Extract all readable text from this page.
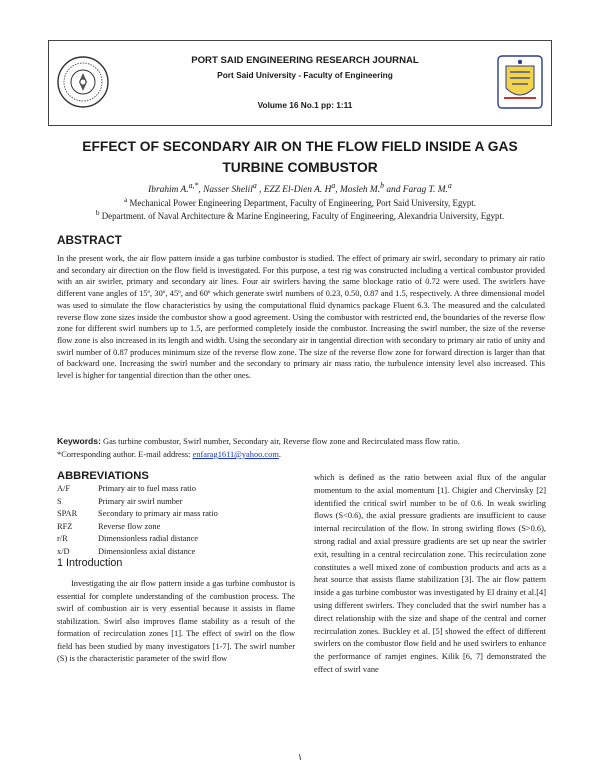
PORT SAID ENGINEERING RESEARCH JOURNAL
Port Said University - Faculty of Engineering
Volume 16 No.1 pp: 1:11
EFFECT OF SECONDARY AIR ON THE FLOW FIELD INSIDE A GAS
TURBINE COMBUSTOR
Ibrahim A.$^{a,*}$, Nasser Shelil$^a$ , EZZ El-Dien A. $H^a$, Mosleh M.$^b$ and Farag T. M.$^a$
$^a$ Mechanical Power Engineering Department, Faculty of Engineering, Port Said University, Egypt.
$^b$ Department. of Naval Architecture & Marine Engineering, Faculty of Engineering, Alexandria University, Egypt.
ABSTRACT

In the present work, the air flow pattern inside a gas turbine combustor is studied. The effect of primary air swirl, secondary to primary air ratio and secondary air direction on the flow field is investigated. For this purpose, a test rig was constructed including a vertical combustor provided with an air swirler, primary and secondary air lines. Four air swirlers having the same blockage ratio of 0.72 were used. The swirlers have different vane angles of 15º, 30º, 45º, and 60º which generate swirl numbers of 0.23, 0.50, 0.87 and 1.5, respectively. A three dimensional model was used to simulate the flow characteristics by using the computational fluid dynamics package Fluent 6.3. The measured and the calculated reverse flow zone sizes inside the combustor show a good agreement. Using the combustor with restricted end, the boundaries of the reverse flow zone for different swirl numbers up to 1.5, are performed completely inside the combustor. Increasing the swirl number, the size of the reverse flow zone is also increased in its length and width. Using the secondary air in tangential direction with secondary to primary air ratio of unity and swirl number of 0.87 produces minimum size of the reverse flow zone. The size of the reverse flow zone for forward direction is larger than that of backward one. Increasing the swirl number and the secondary to primary air mass ratio, the turbulence intensity level also increased. This level is higher for tangential direction than the other ones.

Keywords: Gas turbine combustor, Swirl number, Secondary air, Reverse flow zone and Recirculated mass flow ratio.

*Corresponding author. E-mail address: enfarag1611@yahoo.com.

ABBREVIATIONS
A/F	Primary air to fuel mass ratio
S	Primary air swirl number
SPAR	Secondary to primary air mass ratio
RFZ	Reverse flow zone
r/R	Dimensionless radial distance
x/D	Dimensionless axial distance
1 Introduction

Investigating the air flow pattern inside a gas turbine combustor is essential for complete understanding of the combustion process. The swirl of combustion air is very essential because it assists in flame stabilization. Swirl also improves flame stability as a result of the formation of recirculation zones [1]. The effect of swirl on the flow field has been studied by many investigators [1-7]. The swirl number (S) is the characteristic parameter of the swirl flow

which is defined as the ratio between axial flux of the angular momentum to the axial momentum [1]. Chigier and Chervinsky [2] identified the critical swirl number to be of 0.6. In weak swirling flows (S<0.6), the axial pressure gradients are insufficient to cause internal recirculation of the flow. In strong swirling flows (S>0.6), strong radial and axial pressure gradients are set up near the swirler exit, resulting in a central recirculation zone. This recirculation zone constitutes a well mixed zone of combustion products and acts as a heat source that assists flame stabilization [3]. The air flow pattern inside a gas turbine combustor was investigated by El drainy et al.[4] using different swirlers. They concluded that the swirl number has a direct relationship with the size and shape of the central and corner recirculation zones. Buckley et al. [5] showed the effect of different swirlers on the combustor flow field and he used swirlers to enhance the performance of ramjet engines. Kilik [6, 7] demonstrated the effect of swirl vane

١
